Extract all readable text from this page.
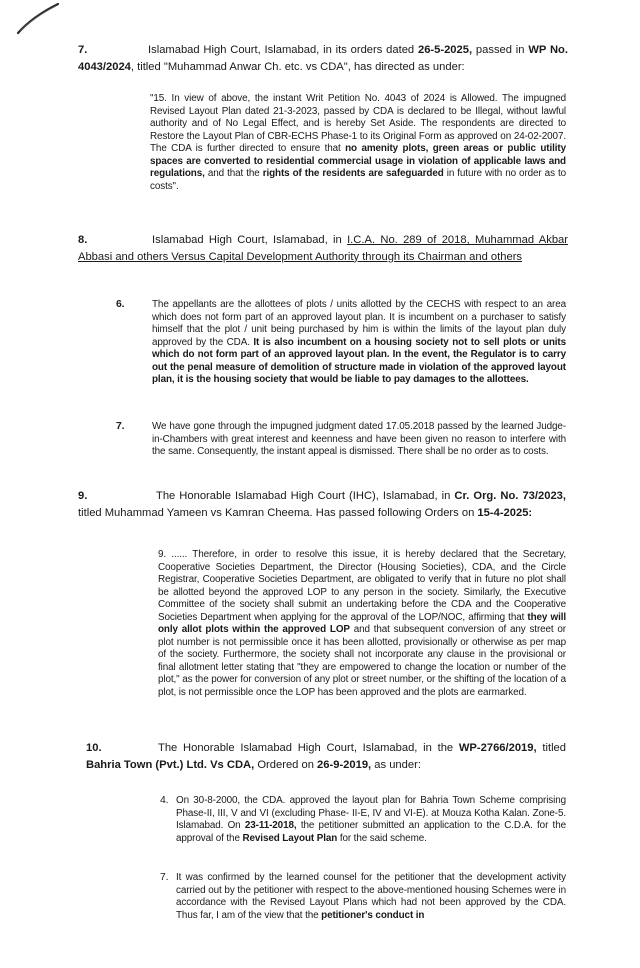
7.	Islamabad High Court, Islamabad, in its orders dated 26-5-2025, passed in WP No. 4043/2024, titled "Muhammad Anwar Ch. etc. vs CDA", has directed as under:
"15. In view of above, the instant Writ Petition No. 4043 of 2024 is Allowed. The impugned Revised Layout Plan dated 21-3-2023, passed by CDA is declared to be Illegal, without lawful authority and of No Legal Effect, and is hereby Set Aside. The respondents are directed to Restore the Layout Plan of CBR-ECHS Phase-1 to its Original Form as approved on 24-02-2007. The CDA is further directed to ensure that no amenity plots, green areas or public utility spaces are converted to residential commercial usage in violation of applicable laws and regulations, and that the rights of the residents are safeguarded in future with no order as to costs".
8.	Islamabad High Court, Islamabad, in I.C.A. No. 289 of 2018, Muhammad Akbar Abbasi and others Versus Capital Development Authority through its Chairman and others
6.	The appellants are the allottees of plots / units allotted by the CECHS with respect to an area which does not form part of an approved layout plan. It is incumbent on a purchaser to satisfy himself that the plot / unit being purchased by him is within the limits of the layout plan duly approved by the CDA. It is also incumbent on a housing society not to sell plots or units which do not form part of an approved layout plan. In the event, the Regulator is to carry out the penal measure of demolition of structure made in violation of the approved layout plan, it is the housing society that would be liable to pay damages to the allottees.
7.	We have gone through the impugned judgment dated 17.05.2018 passed by the learned Judge-in-Chambers with great interest and keenness and have been given no reason to interfere with the same. Consequently, the instant appeal is dismissed. There shall be no order as to costs.
9.	The Honorable Islamabad High Court (IHC), Islamabad, in Cr. Org. No. 73/2023, titled Muhammad Yameen vs Kamran Cheema. Has passed following Orders on 15-4-2025:
9. ...... Therefore, in order to resolve this issue, it is hereby declared that the Secretary, Cooperative Societies Department, the Director (Housing Societies), CDA, and the Circle Registrar, Cooperative Societies Department, are obligated to verify that in future no plot shall be allotted beyond the approved LOP to any person in the society. Similarly, the Executive Committee of the society shall submit an undertaking before the CDA and the Cooperative Societies Department when applying for the approval of the LOP/NOC, affirming that they will only allot plots within the approved LOP and that subsequent conversion of any street or plot number is not permissible once it has been allotted, provisionally or otherwise as per map of the society. Furthermore, the society shall not incorporate any clause in the provisional or final allotment letter stating that "they are empowered to change the location or number of the plot," as the power for conversion of any plot or street number, or the shifting of the location of a plot, is not permissible once the LOP has been approved and the plots are earmarked.
10.	The Honorable Islamabad High Court, Islamabad, in the WP-2766/2019, titled Bahria Town (Pvt.) Ltd. Vs CDA, Ordered on 26-9-2019, as under:
4. On 30-8-2000, the CDA. approved the layout plan for Bahria Town Scheme comprising Phase-II, III, V and VI (excluding Phase- II-E, IV and VI-E). at Mouza Kotha Kalan. Zone-5. Islamabad. On 23-11-2018, the petitioner submitted an application to the C.D.A. for the approval of the Revised Layout Plan for the said scheme.
7. It was confirmed by the learned counsel for the petitioner that the development activity carried out by the petitioner with respect to the above-mentioned housing Schemes were in accordance with the Revised Layout Plans which had not been approved by the CDA. Thus far, I am of the view that the petitioner's conduct in
